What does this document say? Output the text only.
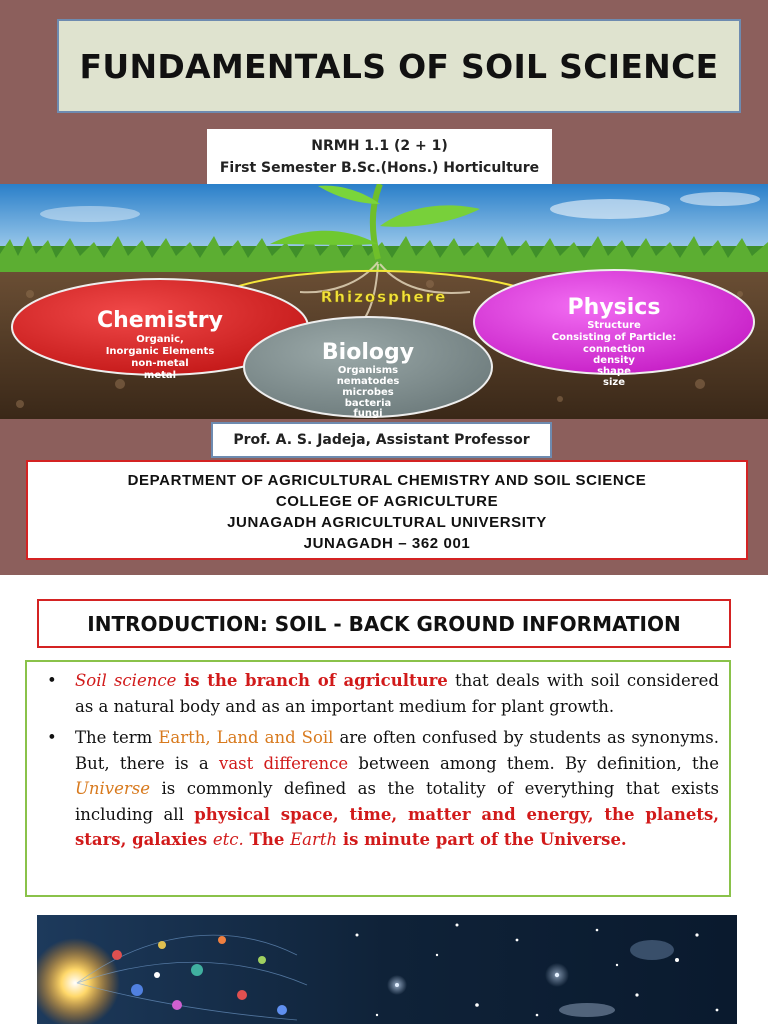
FUNDAMENTALS OF SOIL SCIENCE
NRMH 1.1 (2 + 1)
First Semester B.Sc.(Hons.) Horticulture
Rhizosphere
Chemistry
Organic,
Inorganic Elements
non-metal
metal
Physics
Structure
Consisting of Particle:
connection
density
shape
size
Biology
Organisms
nematodes
microbes
bacteria
fungi
Prof. A. S. Jadeja, Assistant Professor
DEPARTMENT OF AGRICULTURAL CHEMISTRY AND SOIL SCIENCE
COLLEGE OF AGRICULTURE
JUNAGADH AGRICULTURAL UNIVERSITY
JUNAGADH – 362 001
INTRODUCTION: SOIL - BACK GROUND INFORMATION
• Soil science is the branch of agriculture that deals with soil considered as a natural body and as an important medium for plant growth.
• The term Earth, Land and Soil are often confused by students as synonyms. But, there is a vast difference between among them. By definition, the Universe is commonly defined as the totality of everything that exists including all physical space, time, matter and energy, the planets, stars, galaxies etc. The Earth is minute part of the Universe.
